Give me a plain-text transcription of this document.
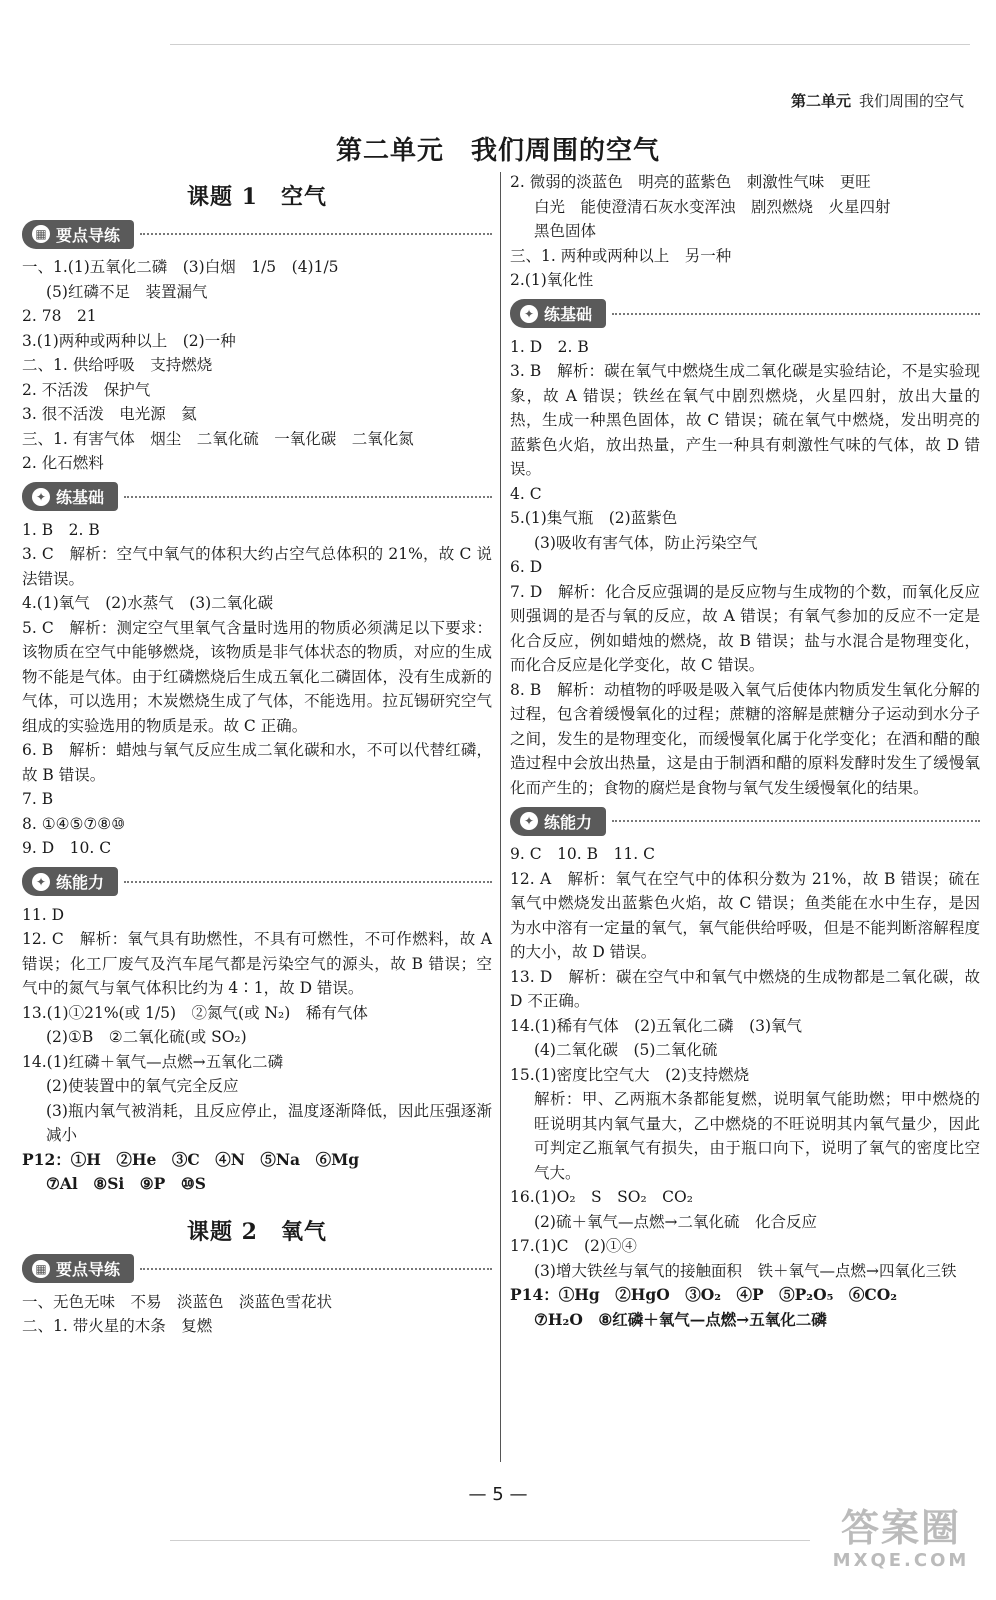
第二单元 我们周围的空气
第二单元　我们周围的空气
课题 1　空气
▦ 要点导练

一、1.(1)五氧化二磷　(3)白烟　1/5　(4)1/5

(5)红磷不足　装置漏气

2. 78　21

3.(1)两种或两种以上　(2)一种

二、1. 供给呼吸　支持燃烧

2. 不活泼　保护气

3. 很不活泼　电光源　氦

三、1. 有害气体　烟尘　二氧化硫　一氧化碳　二氧化氮

2. 化石燃料

✦ 练基础

1. B　2. B

3. C　解析：空气中氧气的体积大约占空气总体积的 21%，故 C 说法错误。

4.(1)氧气　(2)水蒸气　(3)二氧化碳

5. C　解析：测定空气里氧气含量时选用的物质必须满足以下要求：该物质在空气中能够燃烧，该物质是非气体状态的物质，对应的生成物不能是气体。由于红磷燃烧后生成五氧化二磷固体，没有生成新的气体，可以选用；木炭燃烧生成了气体，不能选用。拉瓦锡研究空气组成的实验选用的物质是汞。故 C 正确。

6. B　解析：蜡烛与氧气反应生成二氧化碳和水，不可以代替红磷，故 B 错误。

7. B

8. ①④⑤⑦⑧⑩

9. D　10. C

✦ 练能力

11. D

12. C　解析：氧气具有助燃性，不具有可燃性，不可作燃料，故 A 错误；化工厂废气及汽车尾气都是污染空气的源头，故 B 错误；空气中的氮气与氧气体积比约为 4∶1，故 D 错误。

13.(1)①21%(或 1/5)　②氮气(或 N₂)　稀有气体

(2)①B　②二氧化硫(或 SO₂)

14.(1)红磷＋氧气—点燃→五氧化二磷

(2)使装置中的氧气完全反应

(3)瓶内氧气被消耗，且反应停止，温度逐渐降低，因此压强逐渐减小

P12：①H　②He　③C　④N　⑤Na　⑥Mg

⑦Al　⑧Si　⑨P　⑩S

课题 2　氧气
▦ 要点导练

一、无色无味　不易　淡蓝色　淡蓝色雪花状

二、1. 带火星的木条　复燃

2. 微弱的淡蓝色　明亮的蓝紫色　刺激性气味　更旺

白光　能使澄清石灰水变浑浊　剧烈燃烧　火星四射

黑色固体

三、1. 两种或两种以上　另一种

2.(1)氧化性

✦ 练基础

1. D　2. B

3. B　解析：碳在氧气中燃烧生成二氧化碳是实验结论，不是实验现象，故 A 错误；铁丝在氧气中剧烈燃烧，火星四射，放出大量的热，生成一种黑色固体，故 C 错误；硫在氧气中燃烧，发出明亮的蓝紫色火焰，放出热量，产生一种具有刺激性气味的气体，故 D 错误。

4. C

5.(1)集气瓶　(2)蓝紫色

(3)吸收有害气体，防止污染空气

6. D

7. D　解析：化合反应强调的是反应物与生成物的个数，而氧化反应则强调的是否与氧的反应，故 A 错误；有氧气参加的反应不一定是化合反应，例如蜡烛的燃烧，故 B 错误；盐与水混合是物理变化，而化合反应是化学变化，故 C 错误。

8. B　解析：动植物的呼吸是吸入氧气后使体内物质发生氧化分解的过程，包含着缓慢氧化的过程；蔗糖的溶解是蔗糖分子运动到水分子之间，发生的是物理变化，而缓慢氧化属于化学变化；在酒和醋的酿造过程中会放出热量，这是由于制酒和醋的原料发酵时发生了缓慢氧化而产生的；食物的腐烂是食物与氧气发生缓慢氧化的结果。

✦ 练能力

9. C　10. B　11. C

12. A　解析：氧气在空气中的体积分数为 21%，故 B 错误；硫在氧气中燃烧发出蓝紫色火焰，故 C 错误；鱼类能在水中生存，是因为水中溶有一定量的氧气，氧气能供给呼吸，但是不能判断溶解程度的大小，故 D 错误。

13. D　解析：碳在空气中和氧气中燃烧的生成物都是二氧化碳，故 D 不正确。

14.(1)稀有气体　(2)五氧化二磷　(3)氧气

(4)二氧化碳　(5)二氧化硫

15.(1)密度比空气大　(2)支持燃烧

解析：甲、乙两瓶木条都能复燃，说明氧气能助燃；甲中燃烧的旺说明其内氧气量大，乙中燃烧的不旺说明其内氧气量少，因此可判定乙瓶氧气有损失，由于瓶口向下，说明了氧气的密度比空气大。

16.(1)O₂　S　SO₂　CO₂

(2)硫＋氧气—点燃→二氧化硫　化合反应

17.(1)C　(2)①④

(3)增大铁丝与氧气的接触面积　铁＋氧气—点燃→四氧化三铁

P14：①Hg　②HgO　③O₂　④P　⑤P₂O₅　⑥CO₂

⑦H₂O　⑧红磷＋氧气—点燃→五氧化二磷

— 5 —
答案圈
MXQE.COM
